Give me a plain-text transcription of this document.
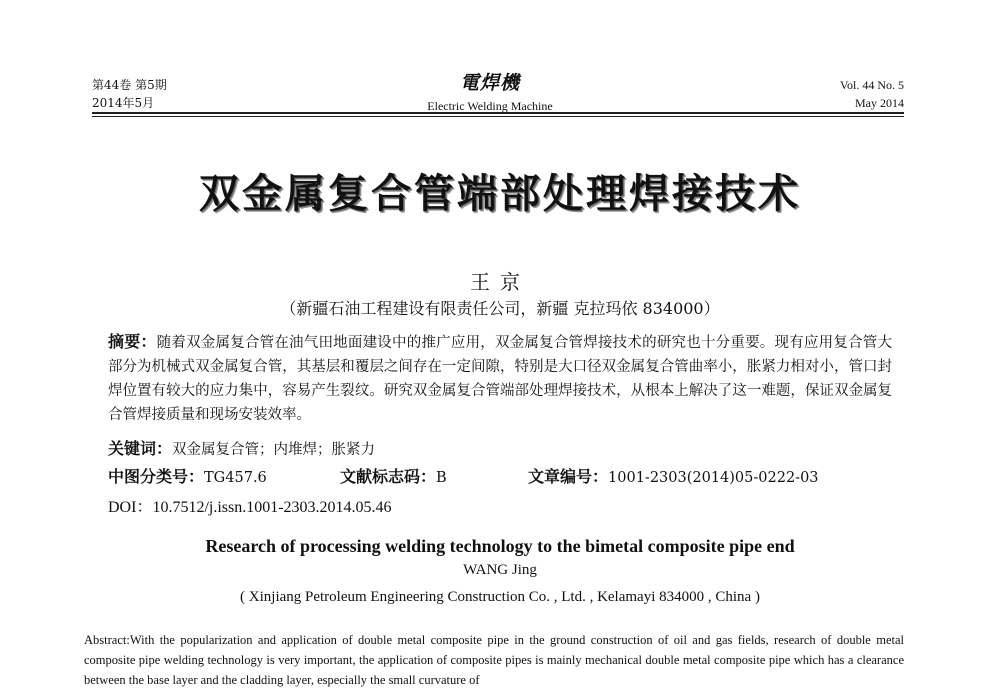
第44卷 第5期
2014年5月
電焊機
Electric Welding Machine
Vol. 44 No. 5
May 2014
双金属复合管端部处理焊接技术
王京
（新疆石油工程建设有限责任公司，新疆 克拉玛依 834000）
摘要：随着双金属复合管在油气田地面建设中的推广应用，双金属复合管焊接技术的研究也十分重要。现有应用复合管大部分为机械式双金属复合管，其基层和覆层之间存在一定间隙，特别是大口径双金属复合管曲率小，胀紧力相对小，管口封焊位置有较大的应力集中，容易产生裂纹。研究双金属复合管端部处理焊接技术，从根本上解决了这一难题，保证双金属复合管焊接质量和现场安装效率。
关键词：双金属复合管；内堆焊；胀紧力
中图分类号：TG457.6	文献标志码：B	文章编号：1001-2303(2014)05-0222-03
DOI：10.7512/j.issn.1001-2303.2014.05.46
Research of processing welding technology to the bimetal composite pipe end
WANG Jing
( Xinjiang Petroleum Engineering Construction Co. , Ltd. , Kelamayi 834000 , China )
Abstract:With the popularization and application of double metal composite pipe in the ground construction of oil and gas fields, research of double metal composite pipe welding technology is very important, the application of composite pipes is mainly mechanical double metal composite pipe which has a clearance between the base layer and the cladding layer, especially the small curvature of
